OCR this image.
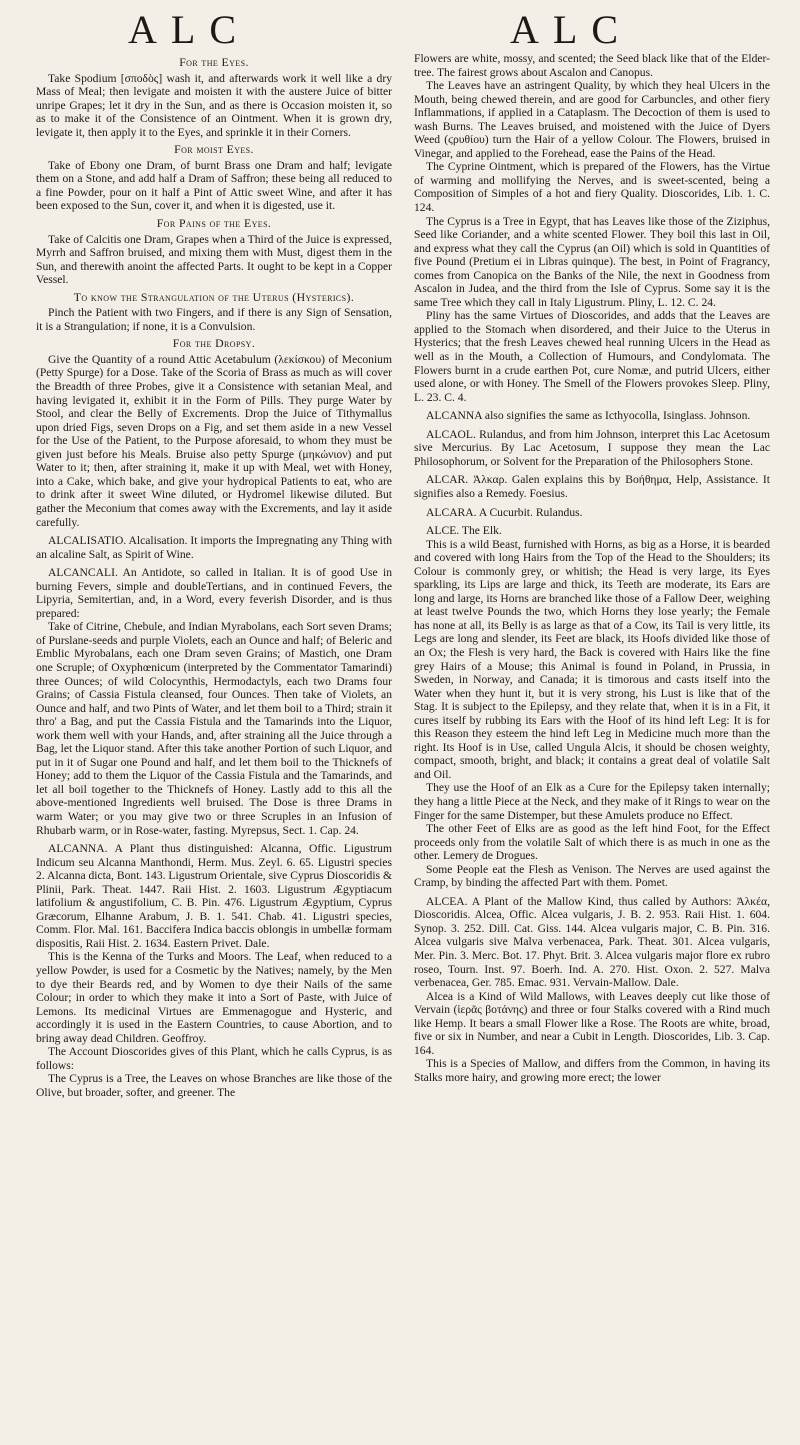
ALC	ALC
For the Eyes.

Take Spodium [σποδὸς] wash it, and afterwards work it well like a dry Mass of Meal; then levigate and moisten it with the austere Juice of bitter unripe Grapes; let it dry in the Sun, and as there is Occasion moisten it, so as to make it of the Consistence of an Ointment. When it is grown dry, levigate it, then apply it to the Eyes, and sprinkle it in their Corners.

For moist Eyes.

Take of Ebony one Dram, of burnt Brass one Dram and half; levigate them on a Stone, and add half a Dram of Saffron; these being all reduced to a fine Powder, pour on it half a Pint of Attic sweet Wine, and after it has been exposed to the Sun, cover it, and when it is digested, use it.

For Pains of the Eyes.

Take of Calcitis one Dram, Grapes when a Third of the Juice is expressed, Myrrh and Saffron bruised, and mixing them with Must, digest them in the Sun, and therewith anoint the affected Parts. It ought to be kept in a Copper Vessel.

To know the Strangulation of the Uterus (Hysterics).

Pinch the Patient with two Fingers, and if there is any Sign of Sensation, it is a Strangulation; if none, it is a Convulsion.

For the Dropsy.

Give the Quantity of a round Attic Acetabulum (λεκίσκου) of Meconium (Petty Spurge) for a Dose. Take of the Scoria of Brass as much as will cover the Breadth of three Probes, give it a Consistence with setanian Meal, and having levigated it, exhibit it in the Form of Pills. They purge Water by Stool, and clear the Belly of Excrements. Drop the Juice of Tithymallus upon dried Figs, seven Drops on a Fig, and set them aside in a new Vessel for the Use of the Patient, to the Purpose aforesaid, to whom they must be given just before his Meals. Bruise also petty Spurge (μηκώνιον) and put Water to it; then, after straining it, make it up with Meal, wet with Honey, into a Cake, which bake, and give your hydropical Patients to eat, who are to drink after it sweet Wine diluted, or Hydromel likewise diluted. But gather the Meconium that comes away with the Excrements, and lay it aside carefully.

ALCALISATIO. Alcalisation. It imports the Impregnating any Thing with an alcaline Salt, as Spirit of Wine.

ALCANCALI. An Antidote, so called in Italian. It is of good Use in burning Fevers, simple and doubleTertians, and in continued Fevers, the Lipyria, Semitertian, and, in a Word, every feverish Disorder, and is thus prepared:

Take of Citrine, Chebule, and Indian Myrabolans, each Sort seven Drams; of Purslane-seeds and purple Violets, each an Ounce and half; of Beleric and Emblic Myrobalans, each one Dram seven Grains; of Mastich, one Dram one Scruple; of Oxyphœnicum (interpreted by the Commentator Tamarindi) three Ounces; of wild Colocynthis, Hermodactyls, each two Drams four Grains; of Cassia Fistula cleansed, four Ounces. Then take of Violets, an Ounce and half, and two Pints of Water, and let them boil to a Third; strain it thro' a Bag, and put the Cassia Fistula and the Tamarinds into the Liquor, work them well with your Hands, and, after straining all the Juice through a Bag, let the Liquor stand. After this take another Portion of such Liquor, and put in it of Sugar one Pound and half, and let them boil to the Thicknefs of Honey; add to them the Liquor of the Cassia Fistula and the Tamarinds, and let all boil together to the Thicknefs of Honey. Lastly add to this all the above-mentioned Ingredients well bruised. The Dose is three Drams in warm Water; or you may give two or three Scruples in an Infusion of Rhubarb warm, or in Rose-water, fasting. Myrepsus, Sect. 1. Cap. 24.

ALCANNA. A Plant thus distinguished: Alcanna, Offic. Ligustrum Indicum seu Alcanna Manthondi, Herm. Mus. Zeyl. 6. 65. Ligustri species 2. Alcanna dicta, Bont. 143. Ligustrum Orientale, sive Cyprus Dioscoridis & Plinii, Park. Theat. 1447. Raii Hist. 2. 1603. Ligustrum Ægyptiacum latifolium & angustifolium, C. B. Pin. 476. Ligustrum Ægyptium, Cyprus Græcorum, Elhanne Arabum, J. B. 1. 541. Chab. 41. Ligustri species, Comm. Flor. Mal. 161. Baccifera Indica baccis oblongis in umbellæ formam dispositis, Raii Hist. 2. 1634. Eastern Privet. Dale.

This is the Kenna of the Turks and Moors. The Leaf, when reduced to a yellow Powder, is used for a Cosmetic by the Natives; namely, by the Men to dye their Beards red, and by Women to dye their Nails of the same Colour; in order to which they make it into a Sort of Paste, with Juice of Lemons. Its medicinal Virtues are Emmenagogue and Hysteric, and accordingly it is used in the Eastern Countries, to cause Abortion, and to bring away dead Children. Geoffroy.

The Account Dioscorides gives of this Plant, which he calls Cyprus, is as follows:

The Cyprus is a Tree, the Leaves on whose Branches are like those of the Olive, but broader, softer, and greener. The

Flowers are white, mossy, and scented; the Seed black like that of the Elder-tree. The fairest grows about Ascalon and Canopus.

The Leaves have an astringent Quality, by which they heal Ulcers in the Mouth, being chewed therein, and are good for Carbuncles, and other fiery Inflammations, if applied in a Cataplasm. The Decoction of them is used to wash Burns. The Leaves bruised, and moistened with the Juice of Dyers Weed (ϛρυθίου) turn the Hair of a yellow Colour. The Flowers, bruised in Vinegar, and applied to the Forehead, ease the Pains of the Head.

The Cyprine Ointment, which is prepared of the Flowers, has the Virtue of warming and mollifying the Nerves, and is sweet-scented, being a Composition of Simples of a hot and fiery Quality. Dioscorides, Lib. 1. C. 124.

The Cyprus is a Tree in Egypt, that has Leaves like those of the Ziziphus, Seed like Coriander, and a white scented Flower. They boil this last in Oil, and express what they call the Cyprus (an Oil) which is sold in Quantities of five Pound (Pretium ei in Libras quinque). The best, in Point of Fragrancy, comes from Canopica on the Banks of the Nile, the next in Goodness from Ascalon in Judea, and the third from the Isle of Cyprus. Some say it is the same Tree which they call in Italy Ligustrum. Pliny, L. 12. C. 24.

Pliny has the same Virtues of Dioscorides, and adds that the Leaves are applied to the Stomach when disordered, and their Juice to the Uterus in Hysterics; that the fresh Leaves chewed heal running Ulcers in the Head as well as in the Mouth, a Collection of Humours, and Condylomata. The Flowers burnt in a crude earthen Pot, cure Nomæ, and putrid Ulcers, either used alone, or with Honey. The Smell of the Flowers provokes Sleep. Pliny, L. 23. C. 4.

ALCANNA also signifies the same as Icthyocolla, Isinglass. Johnson.

ALCAOL. Rulandus, and from him Johnson, interpret this Lac Acetosum sive Mercurius. By Lac Acetosum, I suppose they mean the Lac Philosophorum, or Solvent for the Preparation of the Philosophers Stone.

ALCAR. Ἀλκαρ. Galen explains this by Βοήθημα, Help, Assistance. It signifies also a Remedy. Foesius.

ALCARA. A Cucurbit. Rulandus.

ALCE. The Elk.

This is a wild Beast, furnished with Horns, as big as a Horse, it is bearded and covered with long Hairs from the Top of the Head to the Shoulders; its Colour is commonly grey, or whitish; the Head is very large, its Eyes sparkling, its Lips are large and thick, its Teeth are moderate, its Ears are long and large, its Horns are branched like those of a Fallow Deer, weighing at least twelve Pounds the two, which Horns they lose yearly; the Female has none at all, its Belly is as large as that of a Cow, its Tail is very little, its Legs are long and slender, its Feet are black, its Hoofs divided like those of an Ox; the Flesh is very hard, the Back is covered with Hairs like the fine grey Hairs of a Mouse; this Animal is found in Poland, in Prussia, in Sweden, in Norway, and Canada; it is timorous and casts itself into the Water when they hunt it, but it is very strong, his Lust is like that of the Stag. It is subject to the Epilepsy, and they relate that, when it is in a Fit, it cures itself by rubbing its Ears with the Hoof of its hind left Leg: It is for this Reason they esteem the hind left Leg in Medicine much more than the right. Its Hoof is in Use, called Ungula Alcis, it should be chosen weighty, compact, smooth, bright, and black; it contains a great deal of volatile Salt and Oil.

They use the Hoof of an Elk as a Cure for the Epilepsy taken internally; they hang a little Piece at the Neck, and they make of it Rings to wear on the Finger for the same Distemper, but these Amulets produce no Effect.

The other Feet of Elks are as good as the left hind Foot, for the Effect proceeds only from the volatile Salt of which there is as much in one as the other. Lemery de Drogues.

Some People eat the Flesh as Venison. The Nerves are used against the Cramp, by binding the affected Part with them. Pomet.

ALCEA. A Plant of the Mallow Kind, thus called by Authors: Ἀλκέα, Dioscoridis. Alcea, Offic. Alcea vulgaris, J. B. 2. 953. Raii Hist. 1. 604. Synop. 3. 252. Dill. Cat. Giss. 144. Alcea vulgaris major, C. B. Pin. 316. Alcea vulgaris sive Malva verbenacea, Park. Theat. 301. Alcea vulgaris, Mer. Pin. 3. Merc. Bot. 17. Phyt. Brit. 3. Alcea vulgaris major flore ex rubro roseo, Tourn. Inst. 97. Boerh. Ind. A. 270. Hist. Oxon. 2. 527. Malva verbenacea, Ger. 785. Emac. 931. Vervain-Mallow. Dale.

Alcea is a Kind of Wild Mallows, with Leaves deeply cut like those of Vervain (ἱερᾶς βοτάνης) and three or four Stalks covered with a Rind much like Hemp. It bears a small Flower like a Rose. The Roots are white, broad, five or six in Number, and near a Cubit in Length. Dioscorides, Lib. 3. Cap. 164.

This is a Species of Mallow, and differs from the Common, in having its Stalks more hairy, and growing more erect; the lower
